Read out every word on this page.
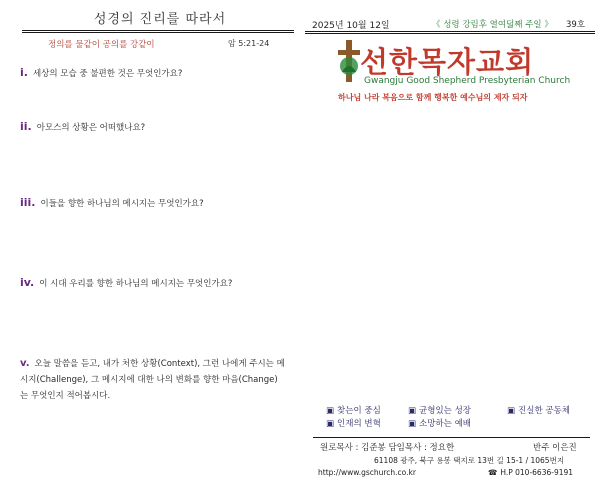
성경의 진리를 따라서
정의를 물같이 공의를 강같이	암 5:21-24
i. 세상의 모습 중 불편한 것은 무엇인가요?
ii. 아모스의 상황은 어떠했나요?
iii. 이들을 향한 하나님의 메시지는 무엇인가요?
iv. 이 시대 우리를 향한 하나님의 메시지는 무엇인가요?
v. 오늘 말씀을 듣고, 내가 처한 상황(Context), 그런 나에게 주시는 메시지(Challenge), 그 메시지에 대한 나의 변화를 향한 마음(Change)는 무엇인지 적어봅시다.
2025년 10월 12일	《 성령 강림후 열여덟째 주일 》 39호
선한목자교회
Gwangju Good Shepherd Presbyterian Church
하나님 나라 복음으로 함께 행복한 예수님의 제자 되자
▣ 찾는이 중심	▣ 균형있는 성장	▣ 진실한 공동체
▣ 인재의 변혁	▣ 소망하는 예배
원로목사 : 김준봉 담임목사 : 정요한	반주 이은진
61108 광주, 북구 용봉 택지로 13번 길 15-1 / 1065번지
http://www.gschurch.co.kr	☎ H.P 010-6636-9191
